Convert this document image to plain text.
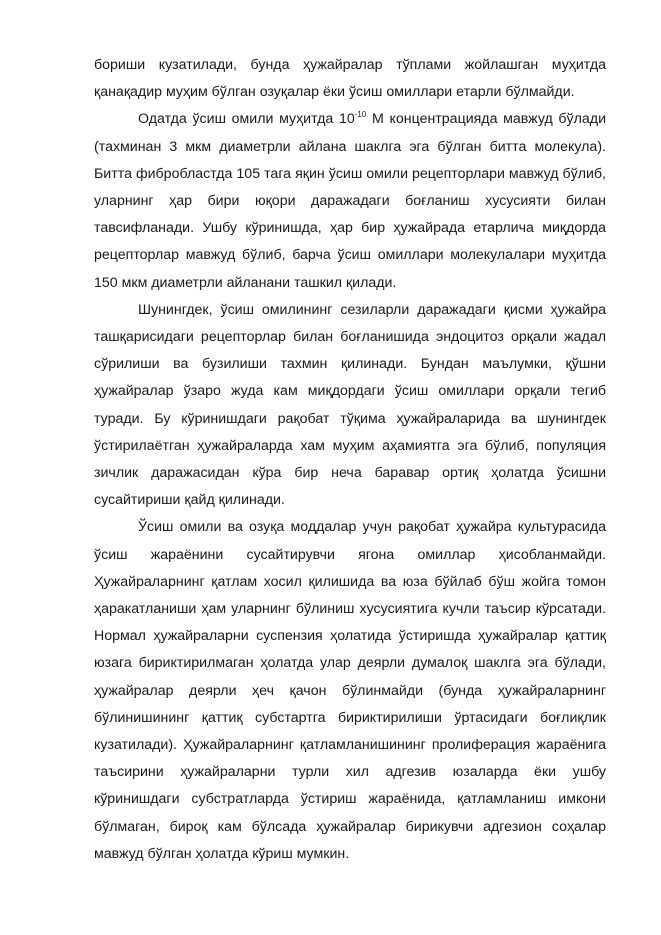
бориши кузатилади, бунда ҳужайралар тўплами жойлашган муҳитда қанақадир муҳим бўлган озуқалар ёки ўсиш омиллари етарли бўлмайди.

Одатда ўсиш омили муҳитда $10^{-10}$ М концентрацияда мавжуд бўлади (тахминан 3 мкм диаметрли айлана шаклга эга бўлган битта молекула). Битта фибробластда 105 тага яқин ўсиш омили рецепторлари мавжуд бўлиб, уларнинг ҳар бири юқори даражадаги боғланиш хусусияти билан тавсифланади. Ушбу кўринишда, ҳар бир ҳужайрада етарлича миқдорда рецепторлар мавжуд бўлиб, барча ўсиш омиллари молекулалари муҳитда 150 мкм диаметрли айланани ташкил қилади.

Шунингдек, ўсиш омилининг сезиларли даражадаги қисми ҳужайра ташқарисидаги рецепторлар билан боғланишида эндоцитоз орқали жадал сўрилиши ва бузилиши тахмин қилинади. Бундан маълумки, қўшни ҳужайралар ўзаро жуда кам миқдордаги ўсиш омиллари орқали тегиб туради. Бу кўринишдаги рақобат тўқима ҳужайраларида ва шунингдек ўстирилаётган ҳужайраларда хам муҳим аҳамиятга эга бўлиб, популяция зичлик даражасидан кўра бир неча баравар ортиқ ҳолатда ўсишни сусайтириши қайд қилинади.

Ўсиш омили ва озуқа моддалар учун рақобат ҳужайра культурасида ўсиш жараёнини сусайтирувчи ягона омиллар ҳисобланмайди. Ҳужайраларнинг қатлам хосил қилишида ва юза бўйлаб бўш жойга томон ҳаракатланиши ҳам уларнинг бўлиниш хусусиятига кучли таъсир кўрсатади. Нормал ҳужайраларни суспензия ҳолатида ўстиришда ҳужайралар қаттиқ юзага бириктирилмаган ҳолатда улар деярли думалоқ шаклга эга бўлади, ҳужайралар деярли ҳеч қачон бўлинмайди (бунда ҳужайраларнинг бўлинишининг қаттиқ субстартга бириктирилиши ўртасидаги боғлиқлик кузатилади). Ҳужайраларнинг қатламланишининг пролиферация жараёнига таъсирини ҳужайраларни турли хил адгезив юзаларда ёки ушбу кўринишдаги субстратларда ўстириш жараёнида, қатламланиш имкони бўлмаган, бироқ кам бўлсада ҳужайралар бирикувчи адгезион соҳалар мавжуд бўлган ҳолатда кўриш мумкин.
